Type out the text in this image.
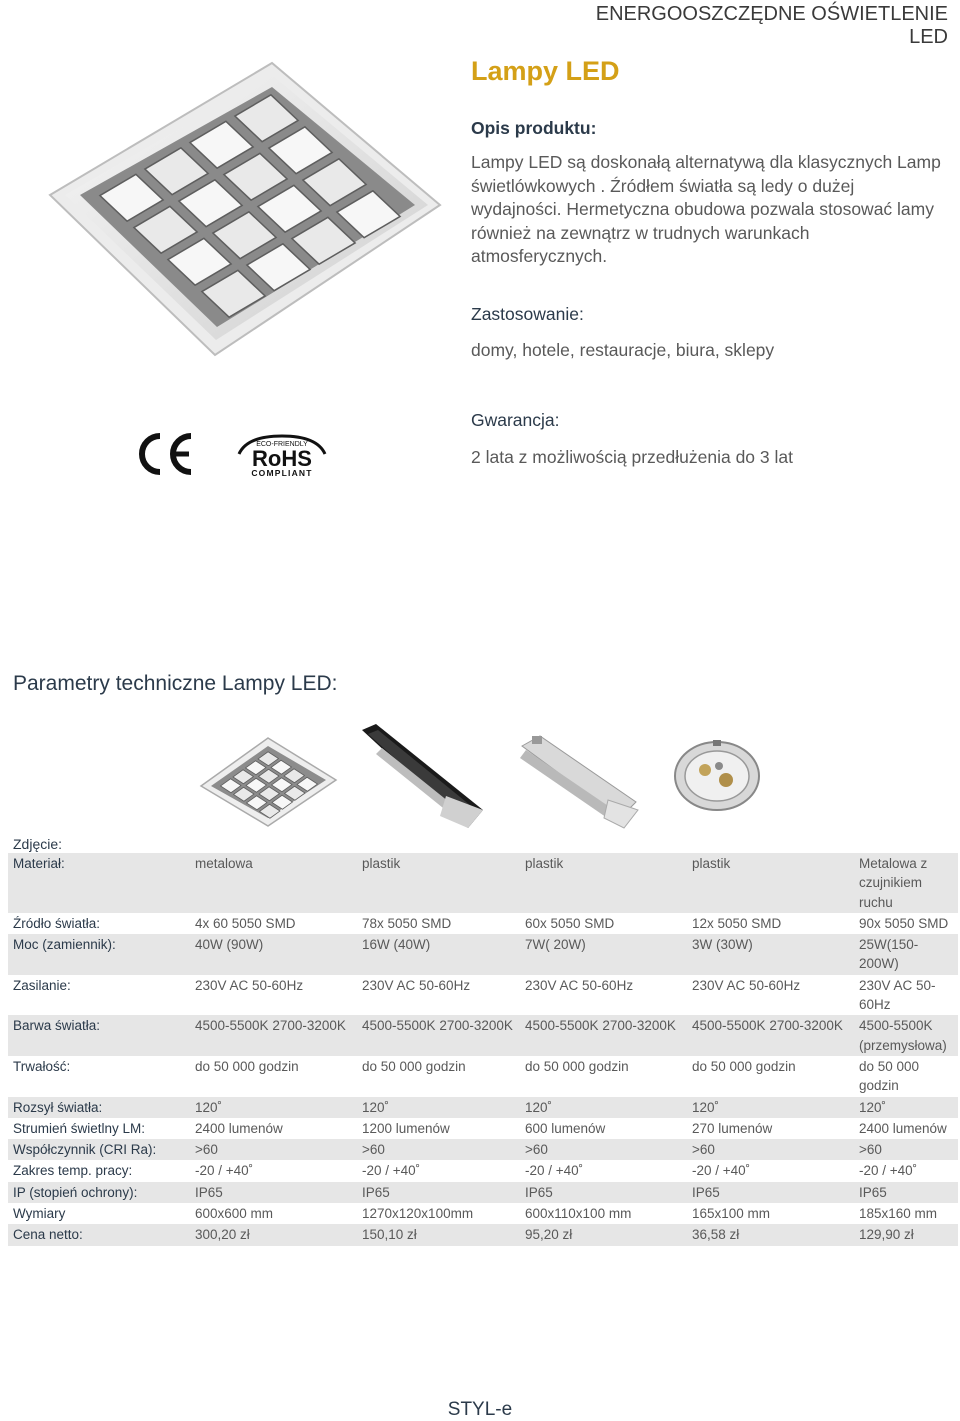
ENERGOOSZCZĘDNE OŚWIETLENIE LED
Lampy LED
Opis produktu:
Lampy LED są doskonałą alternatywą dla klasycznych Lamp
świetlówkowych . Źródłem światła są ledy o dużej
wydajności. Hermetyczna obudowa pozwala stosować lamy
również na zewnątrz w trudnych warunkach
atmosferycznych.
Zastosowanie:
domy, hotele, restauracje, biura, sklepy
Gwarancja:
2 lata z możliwością przedłużenia do 3 lat
ECO-FRIENDLY
RoHS
COMPLIANT
Parametry techniczne Lampy LED:
Zdjęcie:
Materiał:	metalowa	plastik	plastik	plastik	Metalowa z czujnikiem ruchu
Źródło światła:	4x 60 5050 SMD	78x 5050 SMD	60x 5050 SMD	12x 5050 SMD	90x 5050 SMD
Moc (zamiennik):	40W (90W)	16W (40W)	7W( 20W)	3W (30W)	25W(150-200W)
Zasilanie:	230V AC 50-60Hz	230V AC 50-60Hz	230V AC 50-60Hz	230V AC 50-60Hz	230V AC 50-60Hz
Barwa światła:	4500-5500K 2700-3200K	4500-5500K 2700-3200K	4500-5500K 2700-3200K	4500-5500K 2700-3200K	4500-5500K (przemysłowa)
Trwałość:	do 50 000 godzin	do 50 000 godzin	do 50 000 godzin	do 50 000 godzin	do 50 000 godzin
Rozsył światła:	120˚	120˚	120˚	120˚	120˚
Strumień świetlny LM:	2400 lumenów	1200 lumenów	600 lumenów	270 lumenów	2400 lumenów
Współczynnik (CRI Ra):	>60	>60	>60	>60	>60
Zakres temp. pracy:	-20 / +40˚	-20 / +40˚	-20 / +40˚	-20 / +40˚	-20 / +40˚
IP (stopień ochrony):	IP65	IP65	IP65	IP65	IP65
Wymiary	600x600 mm	1270x120x100mm	600x110x100 mm	165x100 mm	185x160 mm
Cena netto:	300,20 zł	150,10 zł	95,20 zł	36,58 zł	129,90 zł
STYL-e
